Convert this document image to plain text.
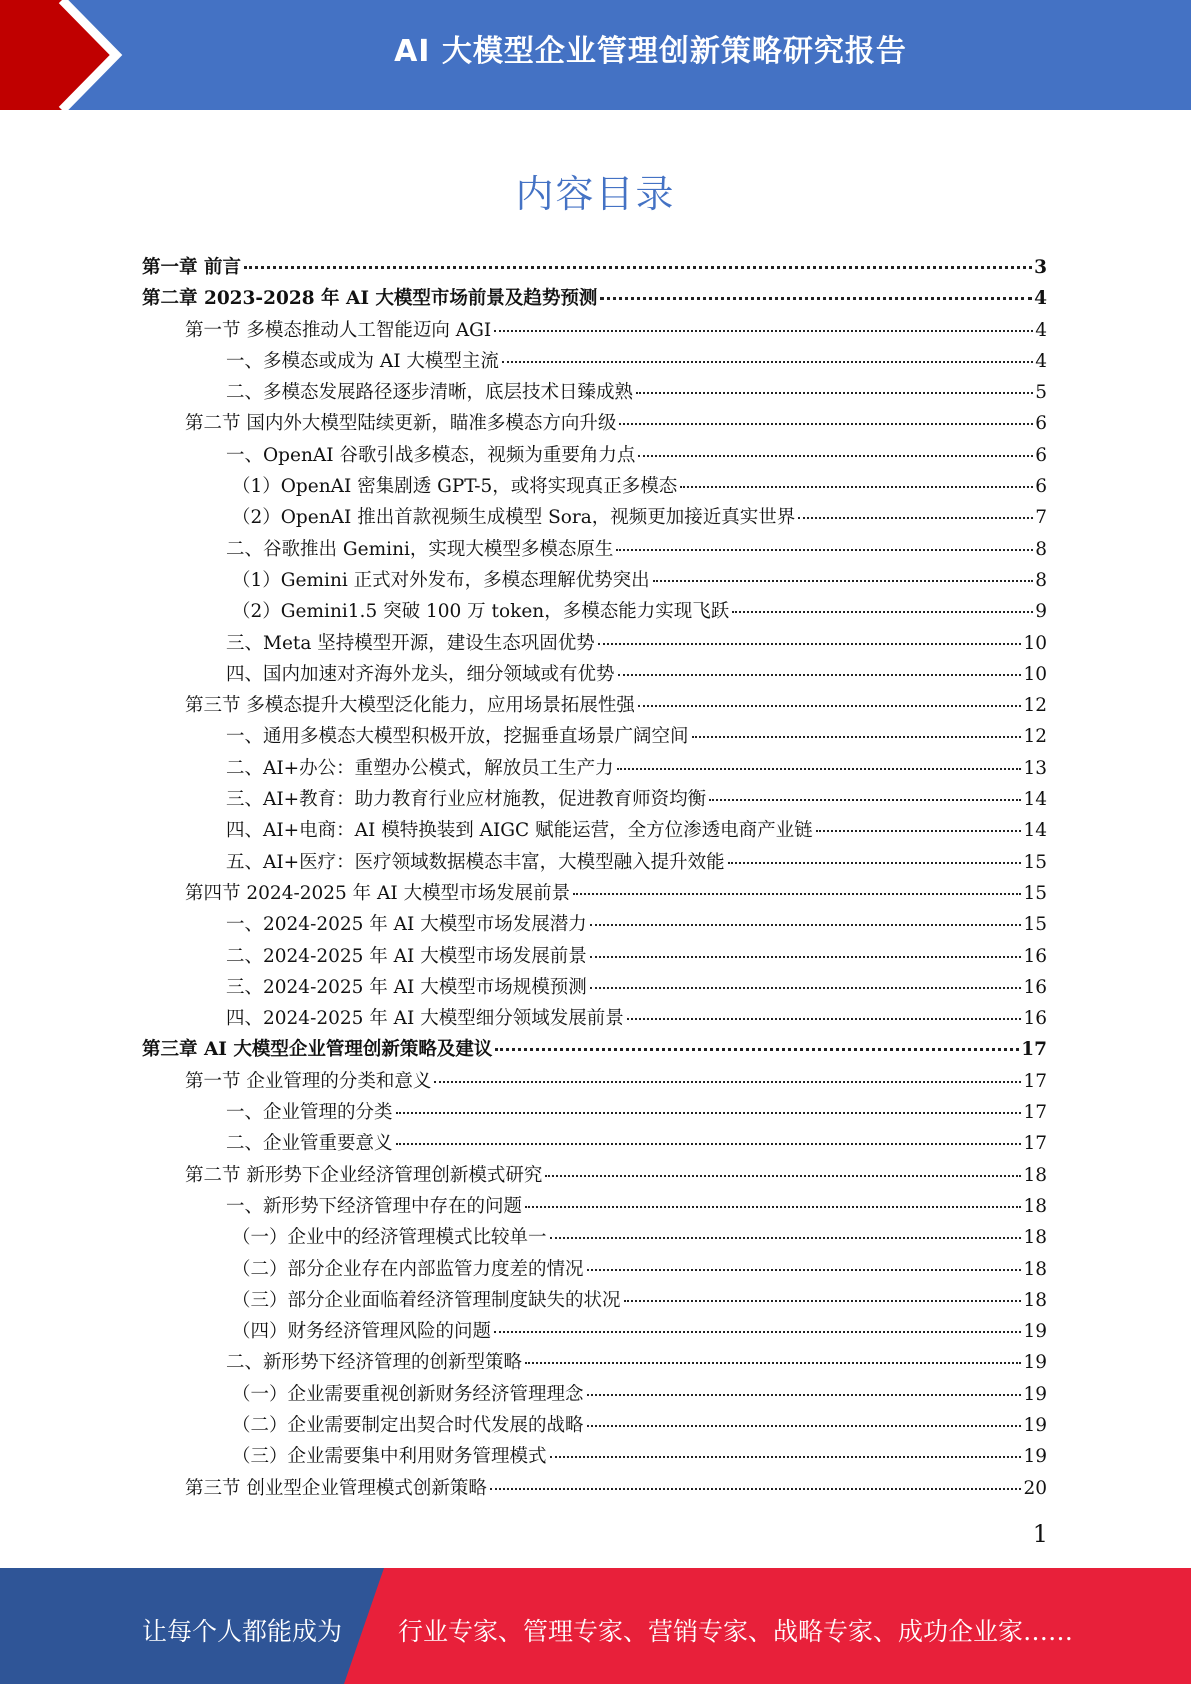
AI 大模型企业管理创新策略研究报告
内容目录
第一章 前言	3
第二章 2023-2028 年 AI 大模型市场前景及趋势预测	4
第一节 多模态推动人工智能迈向 AGI	4
一、多模态或成为 AI 大模型主流	4
二、多模态发展路径逐步清晰，底层技术日臻成熟	5
第二节 国内外大模型陆续更新，瞄准多模态方向升级	6
一、OpenAI 谷歌引战多模态，视频为重要角力点	6
（1）OpenAI 密集剧透 GPT-5，或将实现真正多模态	6
（2）OpenAI 推出首款视频生成模型 Sora，视频更加接近真实世界	7
二、谷歌推出 Gemini，实现大模型多模态原生	8
（1）Gemini 正式对外发布，多模态理解优势突出	8
（2）Gemini1.5 突破 100 万 token，多模态能力实现飞跃	9
三、Meta 坚持模型开源，建设生态巩固优势	10
四、国内加速对齐海外龙头，细分领域或有优势	10
第三节 多模态提升大模型泛化能力，应用场景拓展性强	12
一、通用多模态大模型积极开放，挖掘垂直场景广阔空间	12
二、AI+办公：重塑办公模式，解放员工生产力	13
三、AI+教育：助力教育行业应材施教，促进教育师资均衡	14
四、AI+电商：AI 模特换装到 AIGC 赋能运营，全方位渗透电商产业链	14
五、AI+医疗：医疗领域数据模态丰富，大模型融入提升效能	15
第四节 2024-2025 年 AI 大模型市场发展前景	15
一、2024-2025 年 AI 大模型市场发展潜力	15
二、2024-2025 年 AI 大模型市场发展前景	16
三、2024-2025 年 AI 大模型市场规模预测	16
四、2024-2025 年 AI 大模型细分领域发展前景	16
第三章 AI 大模型企业管理创新策略及建议	17
第一节 企业管理的分类和意义	17
一、企业管理的分类	17
二、企业管重要意义	17
第二节 新形势下企业经济管理创新模式研究	18
一、新形势下经济管理中存在的问题	18
（一）企业中的经济管理模式比较单一	18
（二）部分企业存在内部监管力度差的情况	18
（三）部分企业面临着经济管理制度缺失的状况	18
（四）财务经济管理风险的问题	19
二、新形势下经济管理的创新型策略	19
（一）企业需要重视创新财务经济管理理念	19
（二）企业需要制定出契合时代发展的战略	19
（三）企业需要集中利用财务管理模式	19
第三节 创业型企业管理模式创新策略	20
1
让每个人都能成为 行业专家、管理专家、营销专家、战略专家、成功企业家……
